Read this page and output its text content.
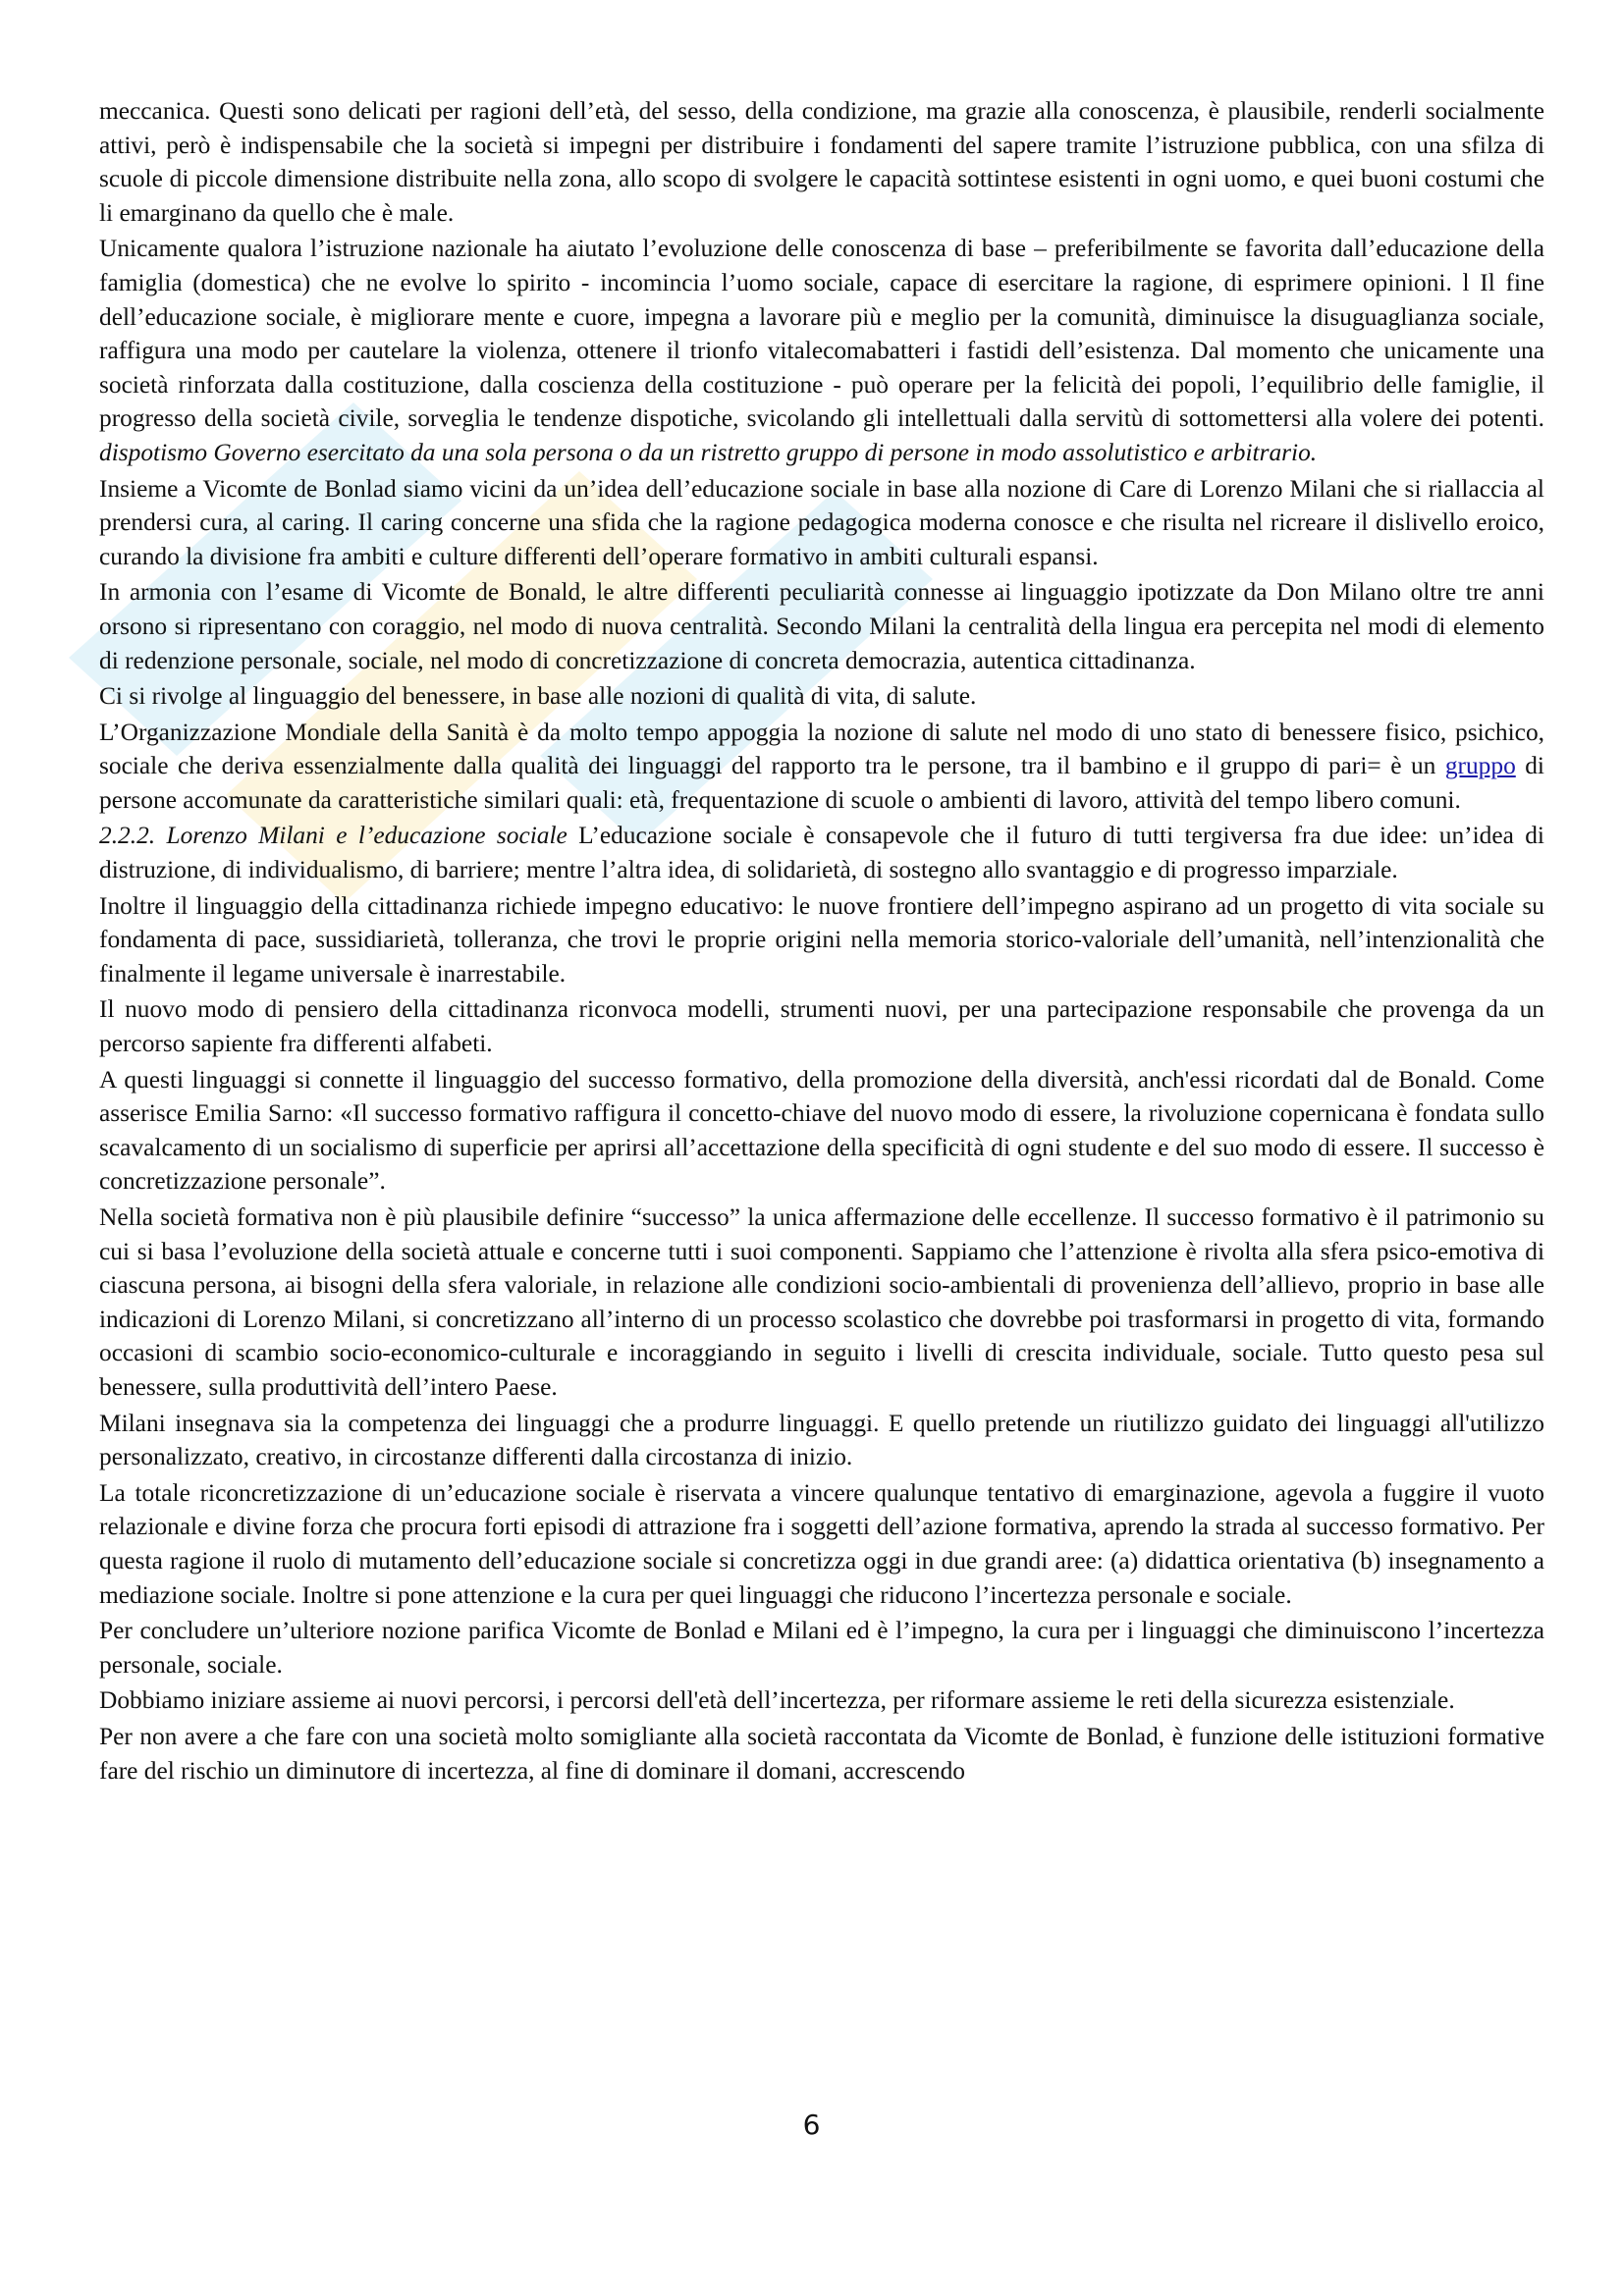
meccanica. Questi sono delicati per ragioni dell’età, del sesso, della condizione, ma grazie alla conoscenza, è plausibile, renderli socialmente attivi, però è indispensabile che la società si impegni per distribuire i fondamenti del sapere tramite l’istruzione pubblica, con una sfilza di scuole di piccole dimensione distribuite nella zona, allo scopo di svolgere le capacità sottintese esistenti in ogni uomo, e quei buoni costumi che li emarginano da quello che è male.

Unicamente qualora l’istruzione nazionale ha aiutato l’evoluzione delle conoscenza di base – preferibilmente se favorita dall’educazione della famiglia (domestica) che ne evolve lo spirito - incomincia l’uomo sociale, capace di esercitare la ragione, di esprimere opinioni. l Il fine dell’educazione sociale, è migliorare mente e cuore, impegna a lavorare più e meglio per la comunità, diminuisce la disuguaglianza sociale, raffigura una modo per cautelare la violenza, ottenere il trionfo vitalecomabatteri i fastidi dell’esistenza. Dal momento che unicamente una società rinforzata dalla costituzione, dalla coscienza della costituzione - può operare per la felicità dei popoli, l’equilibrio delle famiglie, il progresso della società civile, sorveglia le tendenze dispotiche, svicolando gli intellettuali dalla servitù di sottomettersi alla volere dei potenti. dispotismo Governo esercitato da una sola persona o da un ristretto gruppo di persone in modo assolutistico e arbitrario.

Insieme a Vicomte de Bonlad siamo vicini da un’idea dell’educazione sociale in base alla nozione di Care di Lorenzo Milani che si riallaccia al prendersi cura, al caring. Il caring concerne una sfida che la ragione pedagogica moderna conosce e che risulta nel ricreare il dislivello eroico, curando la divisione fra ambiti e culture differenti dell’operare formativo in ambiti culturali espansi.

In armonia con l’esame di Vicomte de Bonald, le altre differenti peculiarità connesse ai linguaggio ipotizzate da Don Milano oltre tre anni orsono si ripresentano con coraggio, nel modo di nuova centralità. Secondo Milani la centralità della lingua era percepita nel modi di elemento di redenzione personale, sociale, nel modo di concretizzazione di concreta democrazia, autentica cittadinanza.

Ci si rivolge al linguaggio del benessere, in base alle nozioni di qualità di vita, di salute.

L’Organizzazione Mondiale della Sanità è da molto tempo appoggia la nozione di salute nel modo di uno stato di benessere fisico, psichico, sociale che deriva essenzialmente dalla qualità dei linguaggi del rapporto tra le persone, tra il bambino e il gruppo di pari= è un gruppo di persone accomunate da caratteristiche similari quali: età, frequentazione di scuole o ambienti di lavoro, attività del tempo libero comuni.

2.2.2. Lorenzo Milani e l’educazione sociale L’educazione sociale è consapevole che il futuro di tutti tergiversa fra due idee: un’idea di distruzione, di individualismo, di barriere; mentre l’altra idea, di solidarietà, di sostegno allo svantaggio e di progresso imparziale.

Inoltre il linguaggio della cittadinanza richiede impegno educativo: le nuove frontiere dell’impegno aspirano ad un progetto di vita sociale su fondamenta di pace, sussidiarietà, tolleranza, che trovi le proprie origini nella memoria storico-valoriale dell’umanità, nell’intenzionalità che finalmente il legame universale è inarrestabile.

Il nuovo modo di pensiero della cittadinanza riconvoca modelli, strumenti nuovi, per una partecipazione responsabile che provenga da un percorso sapiente fra differenti alfabeti.

A questi linguaggi si connette il linguaggio del successo formativo, della promozione della diversità, anch'essi ricordati dal de Bonald. Come asserisce Emilia Sarno: «Il successo formativo raffigura il concetto-chiave del nuovo modo di essere, la rivoluzione copernicana è fondata sullo scavalcamento di un socialismo di superficie per aprirsi all’accettazione della specificità di ogni studente e del suo modo di essere. Il successo è concretizzazione personale”.

Nella società formativa non è più plausibile definire “successo” la unica affermazione delle eccellenze. Il successo formativo è il patrimonio su cui si basa l’evoluzione della società attuale e concerne tutti i suoi componenti. Sappiamo che l’attenzione è rivolta alla sfera psico-emotiva di ciascuna persona, ai bisogni della sfera valoriale, in relazione alle condizioni socio-ambientali di provenienza dell’allievo, proprio in base alle indicazioni di Lorenzo Milani, si concretizzano all’interno di un processo scolastico che dovrebbe poi trasformarsi in progetto di vita, formando occasioni di scambio socio-economico-culturale e incoraggiando in seguito i livelli di crescita individuale, sociale. Tutto questo pesa sul benessere, sulla produttività dell’intero Paese.

Milani insegnava sia la competenza dei linguaggi che a produrre linguaggi. E quello pretende un riutilizzo guidato dei linguaggi all'utilizzo personalizzato, creativo, in circostanze differenti dalla circostanza di inizio.

La totale riconcretizzazione di un’educazione sociale è riservata a vincere qualunque tentativo di emarginazione, agevola a fuggire il vuoto relazionale e divine forza che procura forti episodi di attrazione fra i soggetti dell’azione formativa, aprendo la strada al successo formativo. Per questa ragione il ruolo di mutamento dell’educazione sociale si concretizza oggi in due grandi aree: (a) didattica orientativa (b) insegnamento a mediazione sociale. Inoltre si pone attenzione e la cura per quei linguaggi che riducono l’incertezza personale e sociale.

Per concludere un’ulteriore nozione parifica Vicomte de Bonlad e Milani ed è l’impegno, la cura per i linguaggi che diminuiscono l’incertezza personale, sociale.

Dobbiamo iniziare assieme ai nuovi percorsi, i percorsi dell'età dell’incertezza, per riformare assieme le reti della sicurezza esistenziale.

Per non avere a che fare con una società molto somigliante alla società raccontata da Vicomte de Bonlad, è funzione delle istituzioni formative fare del rischio un diminutore di incertezza, al fine di dominare il domani, accrescendo

6
